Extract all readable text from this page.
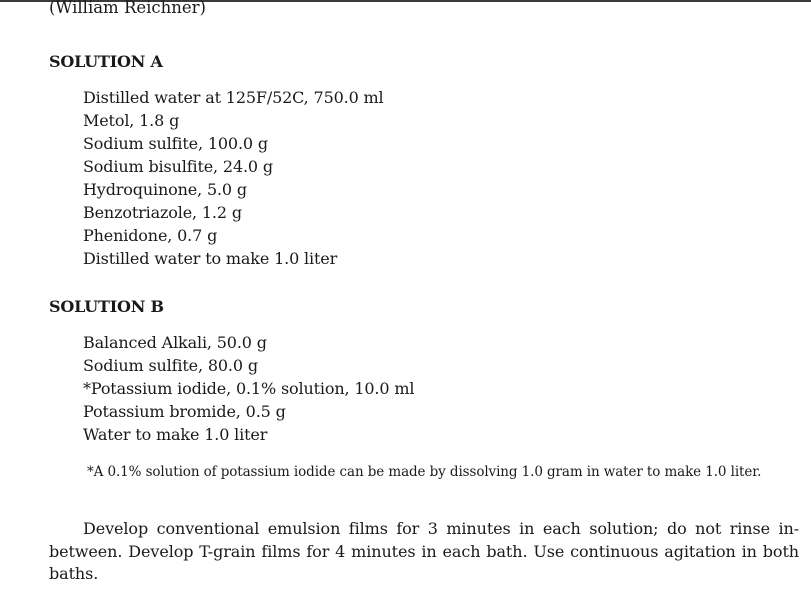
(William Reichner)
SOLUTION A
Distilled water at 125F/52C, 750.0 ml
Metol, 1.8 g
Sodium sulfite, 100.0 g
Sodium bisulfite, 24.0 g
Hydroquinone, 5.0 g
Benzotriazole, 1.2 g
Phenidone, 0.7 g
Distilled water to make 1.0 liter
SOLUTION B
Balanced Alkali, 50.0 g
Sodium sulfite, 80.0 g
*Potassium iodide, 0.1% solution, 10.0 ml
Potassium bromide, 0.5 g
Water to make 1.0 liter
*A 0.1% solution of potassium iodide can be made by dissolving 1.0 gram in water to make 1.0 liter.

Develop conventional emulsion films for 3 minutes in each solution; do not rinse in-between. Develop T-grain films for 4 minutes in each bath. Use continuous agitation in both baths.
